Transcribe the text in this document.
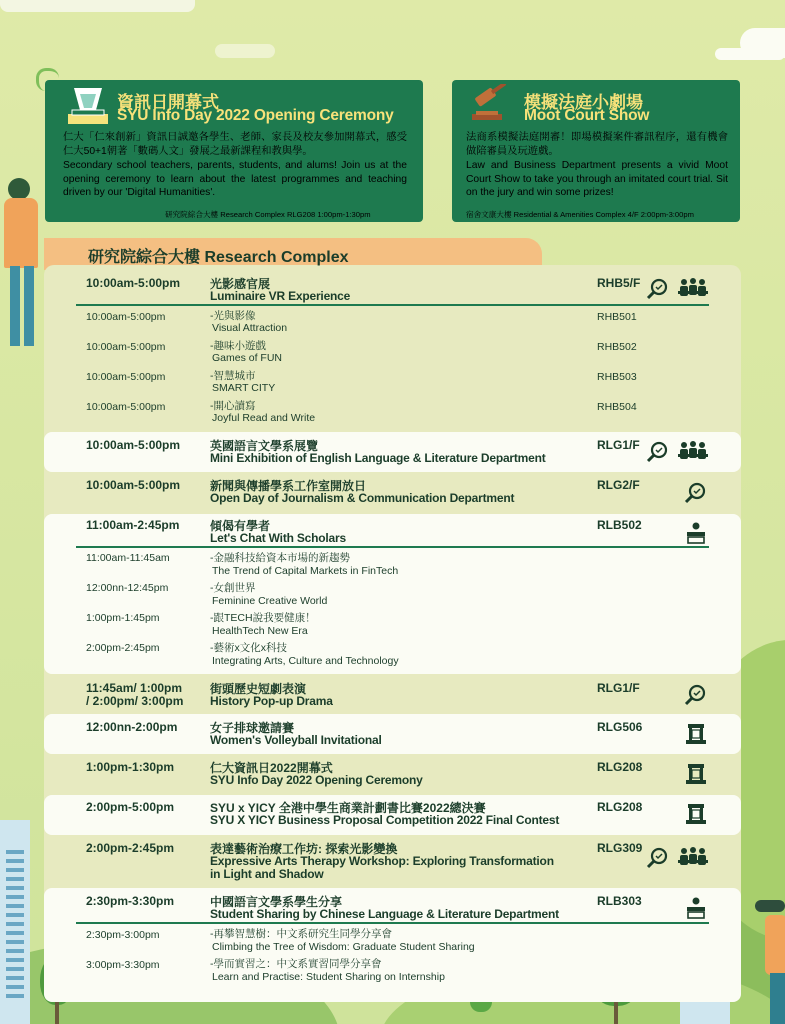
資訊日開幕式
SYU Info Day 2022 Opening Ceremony
仁大「仁來創新」資訊日誠邀各學生、老師、家長及校友參加開幕式，感受仁大50+1朝著「數碼人文」發展之最新課程和教與學。
Secondary school teachers, parents, students, and alums! Join us at the opening ceremony to learn about the latest programmes and teaching driven by our 'Digital Humanities'.
研究院綜合大樓 Research Complex RLG208 1:00pm-1:30pm
模擬法庭小劇場
Moot Court Show
法商系模擬法庭開審！即場模擬案件審訊程序，還有機會做陪審員及玩遊戲。
Law and Business Department presents a vivid Moot Court Show to take you through an imitated court trial. Sit on the jury and win some prizes!
宿舍文康大樓 Residential & Amenities Complex 4/F 2:00pm-3:00pm
研究院綜合大樓 Research Complex
10:00am-5:00pm 光影感官展
Luminaire VR Experience
RHB5/F
10:00am-5:00pm	-光與影像
Visual Attraction
RHB501
10:00am-5:00pm	-趣味小遊戲
Games of FUN
RHB502
10:00am-5:00pm	-智慧城市
SMART CITY
RHB503
10:00am-5:00pm	-開心讀寫
Joyful Read and Write
RHB504
10:00am-5:00pm 英國語言文學系展覽
Mini Exhibition of English Language & Literature Department
RLG1/F
10:00am-5:00pm 新聞與傳播學系工作室開放日
Open Day of Journalism & Communication Department
RLG2/F
11:00am-2:45pm	傾偈有學者
Let's Chat With Scholars
RLB502
11:00am-11:45am	-金融科技給資本市場的新趨勢
The Trend of Capital Markets in FinTech
12:00nn-12:45pm	-女創世界
Feminine Creative World
1:00pm-1:45pm	-跟TECH說我要健康！
HealthTech New Era
2:00pm-2:45pm	-藝術x文化x科技
Integrating Arts, Culture and Technology
11:45am/ 1:00pm
/ 2:00pm/ 3:00pm
街頭歷史短劇表演
History Pop-up Drama
RLG1/F
12:00nn-2:00pm	女子排球邀請賽
Women's Volleyball Invitational
RLG506
1:00pm-1:30pm	仁大資訊日2022開幕式
SYU Info Day 2022 Opening Ceremony
RLG208
2:00pm-5:00pm	SYU x YICY 全港中學生商業計劃書比賽2022總決賽
SYU X YICY Business Proposal Competition 2022 Final Contest
RLG208
2:00pm-2:45pm	表達藝術治療工作坊: 探索光影變換
Expressive Arts Therapy Workshop: Exploring Transformation
in Light and Shadow
RLG309
2:30pm-3:30pm	中國語言文學系學生分享
Student Sharing by Chinese Language & Literature Department
RLB303
2:30pm-3:00pm	-再攀智慧樹：中文系研究生同學分享會
Climbing the Tree of Wisdom: Graduate Student Sharing
3:00pm-3:30pm	-學而實習之：中文系實習同學分享會
Learn and Practise: Student Sharing on Internship
